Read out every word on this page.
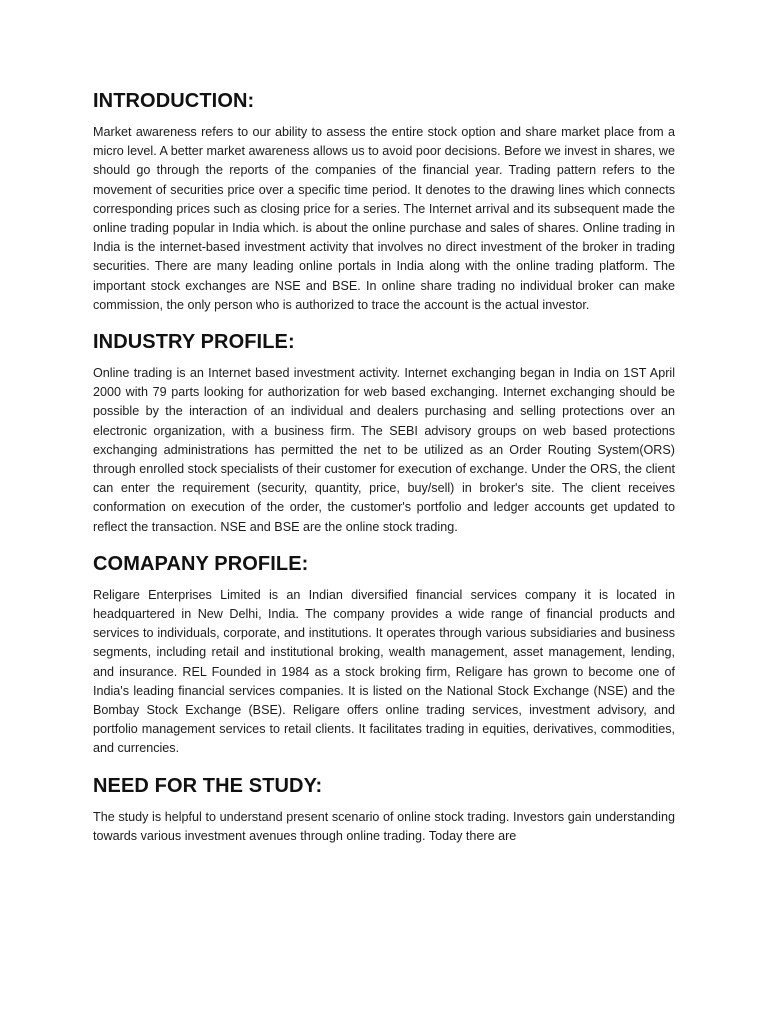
INTRODUCTION:

Market awareness refers to our ability to assess the entire stock option and share market place from a micro level. A better market awareness allows us to avoid poor decisions. Before we invest in shares, we should go through the reports of the companies of the financial year. Trading pattern refers to the movement of securities price over a specific time period. It denotes to the drawing lines which connects corresponding prices such as closing price for a series. The Internet arrival and its subsequent made the online trading popular in India which. is about the online purchase and sales of shares. Online trading in India is the internet-based investment activity that involves no direct investment of the broker in trading securities. There are many leading online portals in India along with the online trading platform. The important stock exchanges are NSE and BSE. In online share trading no individual broker can make commission, the only person who is authorized to trace the account is the actual investor.

INDUSTRY PROFILE:

Online trading is an Internet based investment activity. Internet exchanging began in India on 1ST April 2000 with 79 parts looking for authorization for web based exchanging. Internet exchanging should be possible by the interaction of an individual and dealers purchasing and selling protections over an electronic organization, with a business firm. The SEBI advisory groups on web based protections exchanging administrations has permitted the net to be utilized as an Order Routing System(ORS) through enrolled stock specialists of their customer for execution of exchange. Under the ORS, the client can enter the requirement (security, quantity, price, buy/sell) in broker's site. The client receives conformation on execution of the order, the customer's portfolio and ledger accounts get updated to reflect the transaction. NSE and BSE are the online stock trading.

COMAPANY PROFILE:

Religare Enterprises Limited is an Indian diversified financial services company it is located in headquartered in New Delhi, India. The company provides a wide range of financial products and services to individuals, corporate, and institutions. It operates through various subsidiaries and business segments, including retail and institutional broking, wealth management, asset management, lending, and insurance. REL Founded in 1984 as a stock broking firm, Religare has grown to become one of India's leading financial services companies. It is listed on the National Stock Exchange (NSE) and the Bombay Stock Exchange (BSE). Religare offers online trading services, investment advisory, and portfolio management services to retail clients. It facilitates trading in equities, derivatives, commodities, and currencies.

NEED FOR THE STUDY:

The study is helpful to understand present scenario of online stock trading. Investors gain understanding towards various investment avenues through online trading. Today there are
